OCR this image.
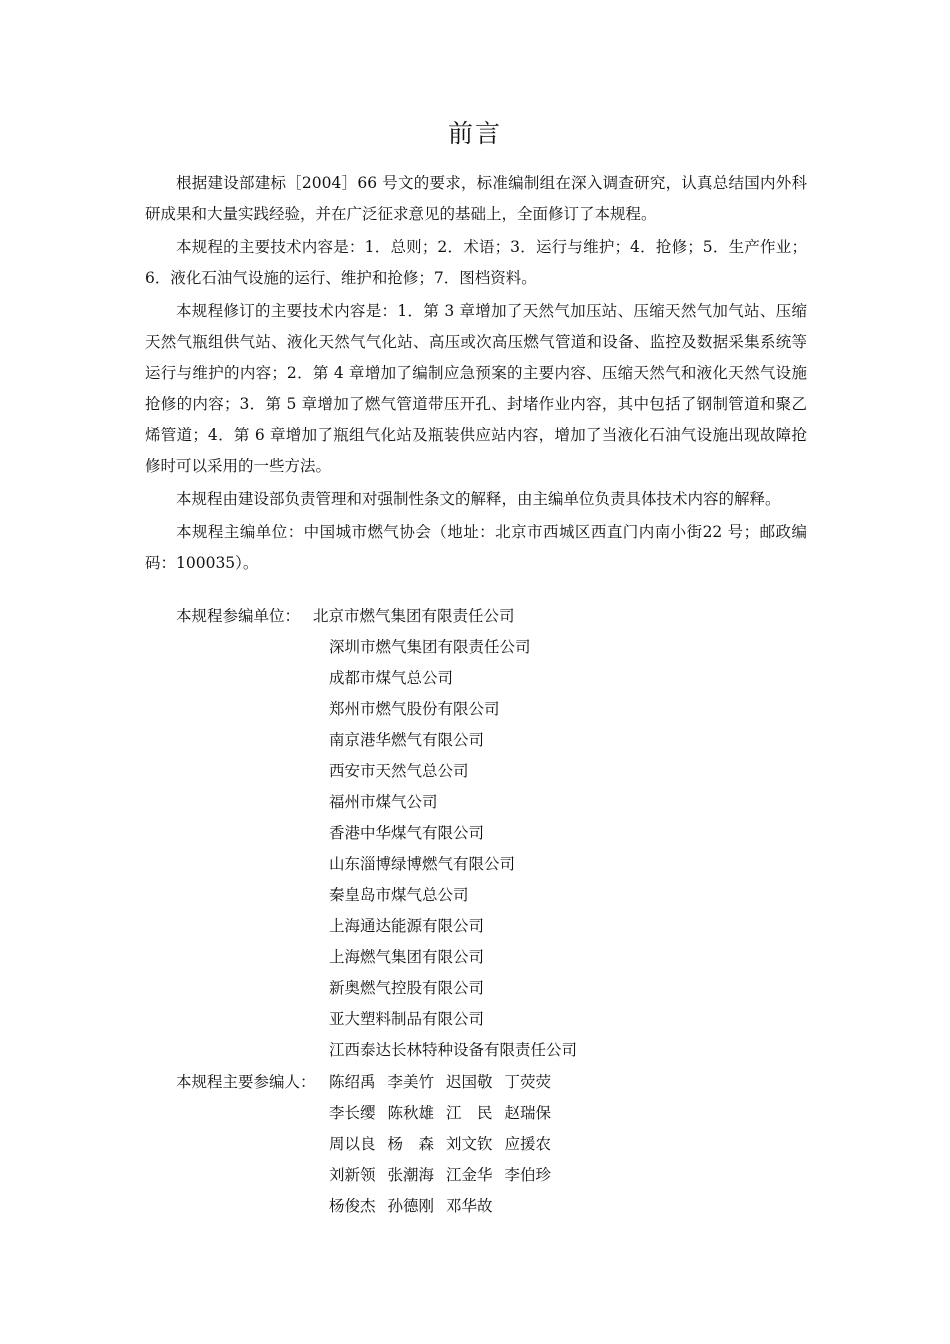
前言

根据建设部建标［2004］66 号文的要求，标准编制组在深入调查研究，认真总结国内外科研成果和大量实践经验，并在广泛征求意见的基础上，全面修订了本规程。

本规程的主要技术内容是：1．总则；2．术语；3．运行与维护；4．抢修；5．生产作业；6．液化石油气设施的运行、维护和抢修；7．图档资料。

本规程修订的主要技术内容是：1．第 3 章增加了天然气加压站、压缩天然气加气站、压缩天然气瓶组供气站、液化天然气气化站、高压或次高压燃气管道和设备、监控及数据采集系统等运行与维护的内容；2．第 4 章增加了编制应急预案的主要内容、压缩天然气和液化天然气设施抢修的内容；3．第 5 章增加了燃气管道带压开孔、封堵作业内容，其中包括了钢制管道和聚乙烯管道；4．第 6 章增加了瓶组气化站及瓶装供应站内容，增加了当液化石油气设施出现故障抢修时可以采用的一些方法。

本规程由建设部负责管理和对强制性条文的解释，由主编单位负责具体技术内容的解释。

本规程主编单位：中国城市燃气协会（地址：北京市西城区西直门内南小街22 号；邮政编码：100035）。

本规程参编单位： 北京市燃气集团有限责任公司
深圳市燃气集团有限责任公司
成都市煤气总公司
郑州市燃气股份有限公司
南京港华燃气有限公司
西安市天然气总公司
福州市煤气公司
香港中华煤气有限公司
山东淄博绿博燃气有限公司
秦皇岛市煤气总公司
上海通达能源有限公司
上海燃气集团有限公司
新奥燃气控股有限公司
亚大塑料制品有限公司
江西泰达长林特种设备有限责任公司
本规程主要参编人： 陈绍禹 李美竹 迟国敬 丁荧荧
李长缨 陈秋雄 江　民 赵瑞保
周以良 杨　森 刘文钦 应援农
刘新领 张潮海 江金华 李伯珍
杨俊杰 孙德刚 邓华故
